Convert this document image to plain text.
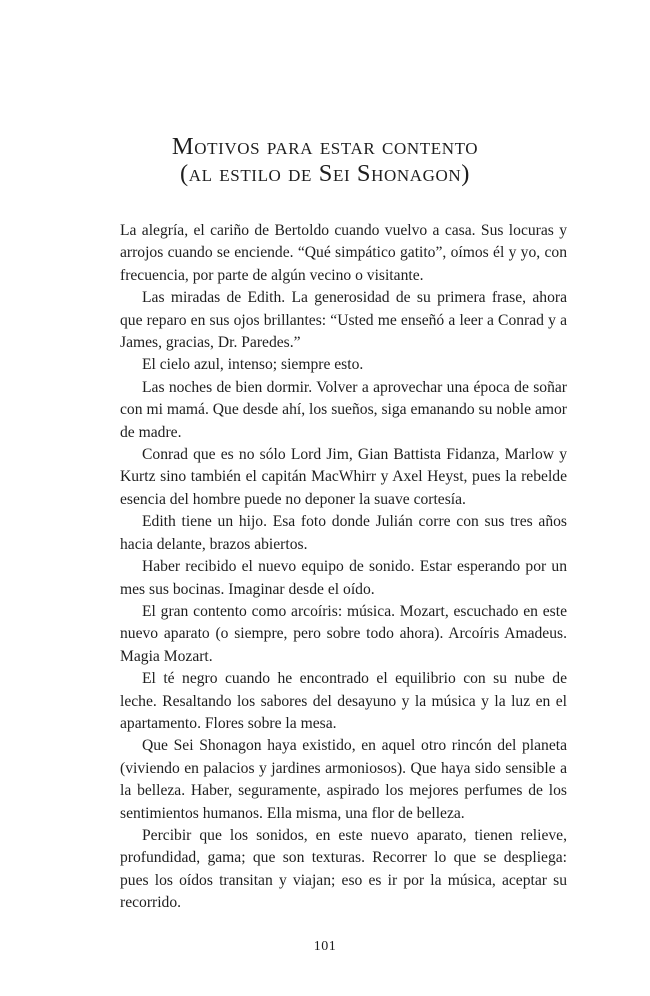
Motivos para estar contento
(al estilo de Sei Shonagon)

La alegría, el cariño de Bertoldo cuando vuelvo a casa. Sus locuras y arrojos cuando se enciende. “Qué simpático gatito”, oímos él y yo, con frecuencia, por parte de algún vecino o visitante.

Las miradas de Edith. La generosidad de su primera frase, ahora que reparo en sus ojos brillantes: “Usted me enseñó a leer a Conrad y a James, gracias, Dr. Paredes.”

El cielo azul, intenso; siempre esto.

Las noches de bien dormir. Volver a aprovechar una época de soñar con mi mamá. Que desde ahí, los sueños, siga emanando su noble amor de madre.

Conrad que es no sólo Lord Jim, Gian Battista Fidanza, Marlow y Kurtz sino también el capitán MacWhirr y Axel Heyst, pues la rebelde esencia del hombre puede no deponer la suave cortesía.

Edith tiene un hijo. Esa foto donde Julián corre con sus tres años hacia delante, brazos abiertos.

Haber recibido el nuevo equipo de sonido. Estar esperando por un mes sus bocinas. Imaginar desde el oído.

El gran contento como arcoíris: música. Mozart, escuchado en este nuevo aparato (o siempre, pero sobre todo ahora). Arcoíris Amadeus. Magia Mozart.

El té negro cuando he encontrado el equilibrio con su nube de leche. Resaltando los sabores del desayuno y la música y la luz en el apartamento. Flores sobre la mesa.

Que Sei Shonagon haya existido, en aquel otro rincón del planeta (viviendo en palacios y jardines armoniosos). Que haya sido sensible a la belleza. Haber, seguramente, aspirado los mejores perfumes de los sentimientos humanos. Ella misma, una flor de belleza.

Percibir que los sonidos, en este nuevo aparato, tienen relieve, profundidad, gama; que son texturas. Recorrer lo que se despliega: pues los oídos transitan y viajan; eso es ir por la música, aceptar su recorrido.

101
